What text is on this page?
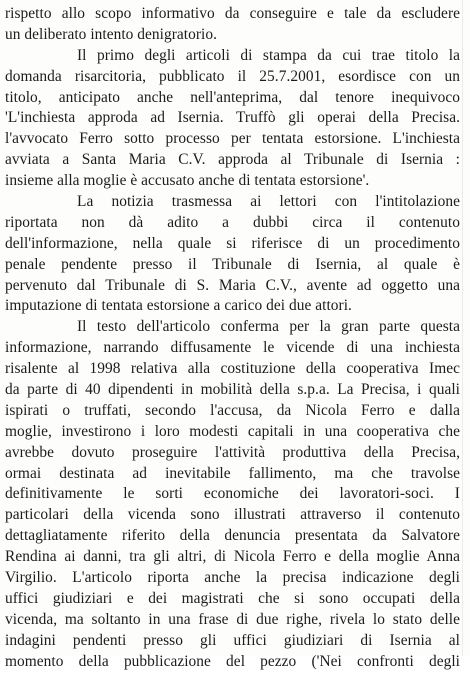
rispetto allo scopo informativo da conseguire e tale da escludere
un deliberato intento denigratorio.
Il primo degli articoli di stampa da cui trae titolo la
domanda risarcitoria, pubblicato il 25.7.2001, esordisce con un
titolo, anticipato anche nell'anteprima, dal tenore inequivoco
'L'inchiesta approda ad Isernia. Truffò gli operai della Precisa.
l'avvocato Ferro sotto processo per tentata estorsione. L'inchiesta
avviata a Santa Maria C.V. approda al Tribunale di Isernia :
insieme alla moglie è accusato anche di tentata estorsione'.
La notizia trasmessa ai lettori con l'intitolazione
riportata non dà adito a dubbi circa il contenuto
dell'informazione, nella quale si riferisce di un procedimento
penale pendente presso il Tribunale di Isernia, al quale è
pervenuto dal Tribunale di S. Maria C.V., avente ad oggetto una
imputazione di tentata estorsione a carico dei due attori.
Il testo dell'articolo conferma per la gran parte questa
informazione, narrando diffusamente le vicende di una inchiesta
risalente al 1998 relativa alla costituzione della cooperativa Imec
da parte di 40 dipendenti in mobilità della s.p.a. La Precisa, i quali
ispirati o truffati, secondo l'accusa, da Nicola Ferro e dalla
moglie, investirono i loro modesti capitali in una cooperativa che
avrebbe dovuto proseguire l'attività produttiva della Precisa,
ormai destinata ad inevitabile fallimento, ma che travolse
definitivamente le sorti economiche dei lavoratori-soci. I
particolari della vicenda sono illustrati attraverso il contenuto
dettagliatamente riferito della denuncia presentata da Salvatore
Rendina ai danni, tra gli altri, di Nicola Ferro e della moglie Anna
Virgilio. L'articolo riporta anche la precisa indicazione degli
uffici giudiziari e dei magistrati che si sono occupati della
vicenda, ma soltanto in una frase di due righe, rivela lo stato delle
indagini pendenti presso gli uffici giudiziari di Isernia al
momento della pubblicazione del pezzo ('Nei confronti degli
